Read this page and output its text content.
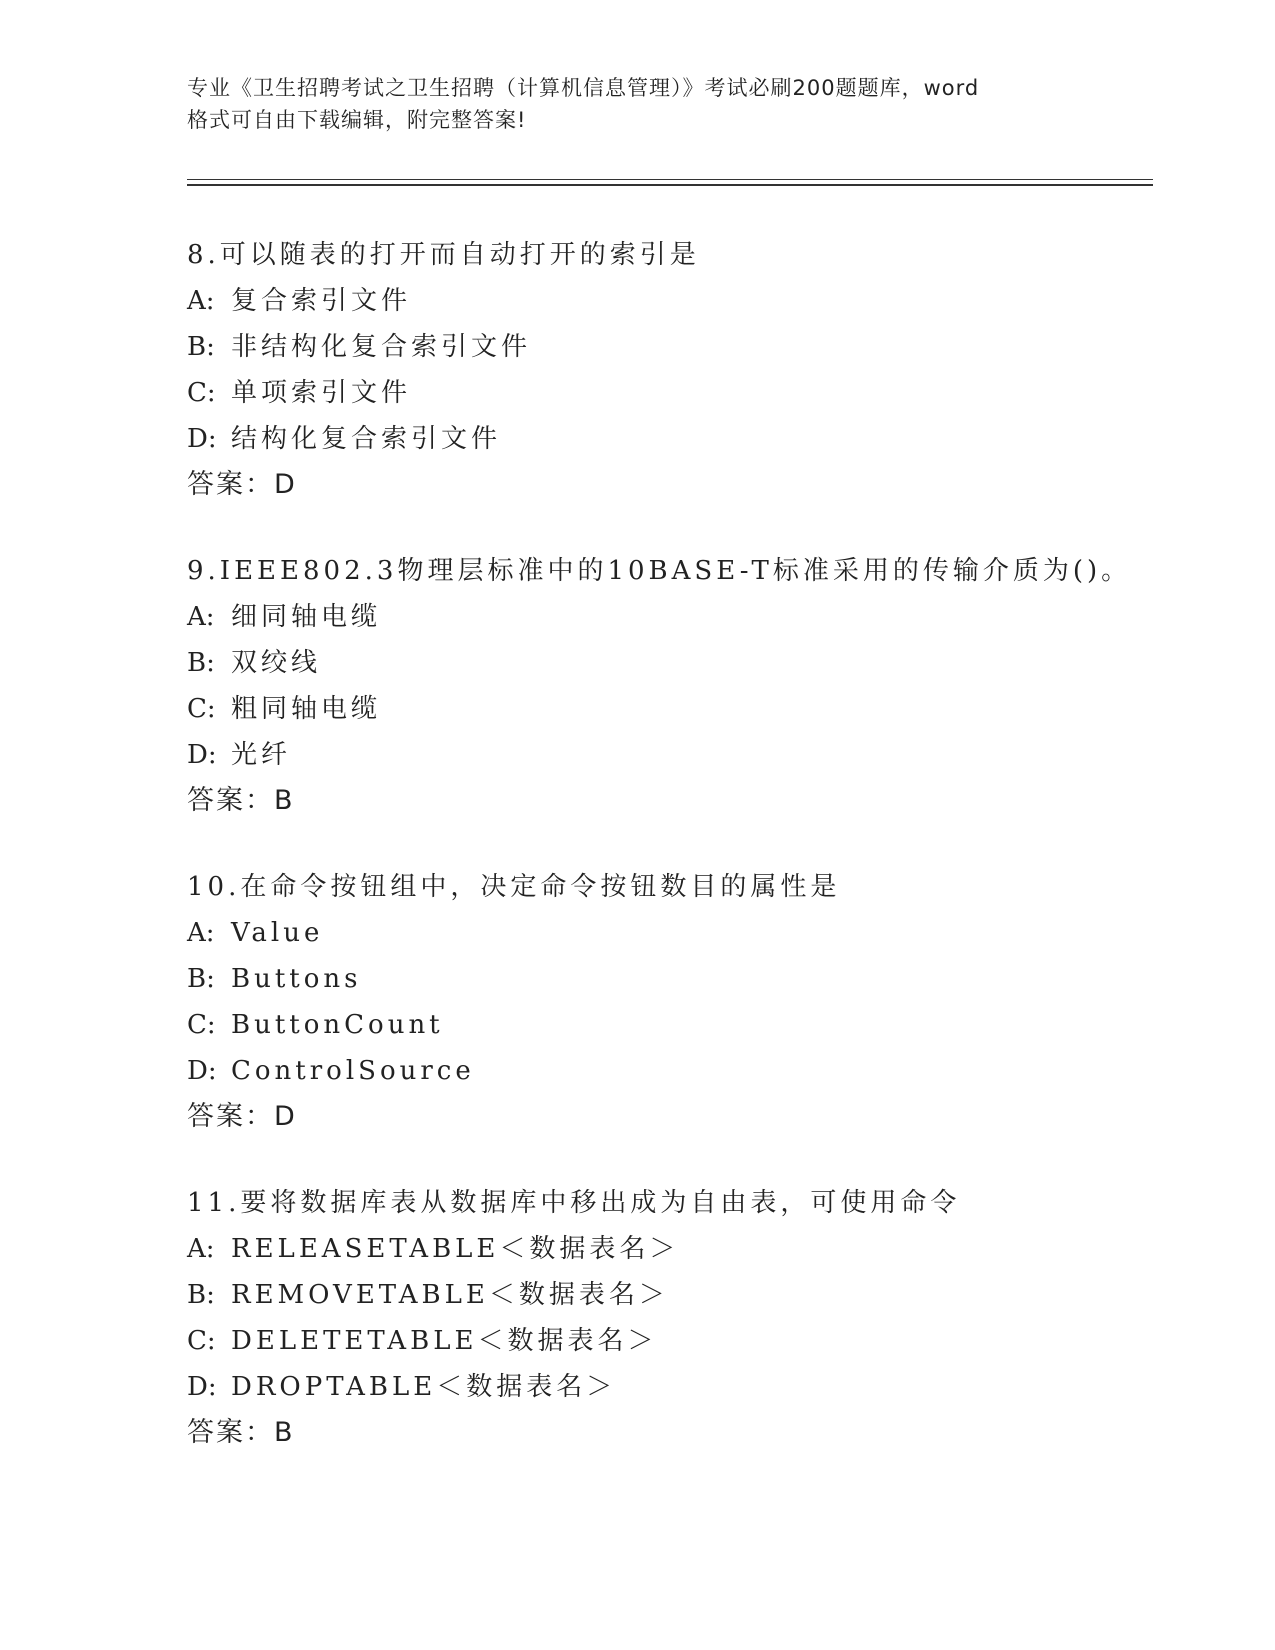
专业《卫生招聘考试之卫生招聘（计算机信息管理）》考试必刷200题题库，word
格式可自由下载编辑，附完整答案!
8.可以随表的打开而自动打开的索引是
A: 复合索引文件
B: 非结构化复合索引文件
C: 单项索引文件
D: 结构化复合索引文件
答案：D
9.IEEE802.3物理层标准中的10BASE-T标准采用的传输介质为()。
A: 细同轴电缆
B: 双绞线
C: 粗同轴电缆
D: 光纤
答案：B
10.在命令按钮组中，决定命令按钮数目的属性是
A: Value
B: Buttons
C: ButtonCount
D: ControlSource
答案：D
11.要将数据库表从数据库中移出成为自由表，可使用命令
A: RELEASETABLE＜数据表名＞
B: REMOVETABLE＜数据表名＞
C: DELETETABLE＜数据表名＞
D: DROPTABLE＜数据表名＞
答案：B
